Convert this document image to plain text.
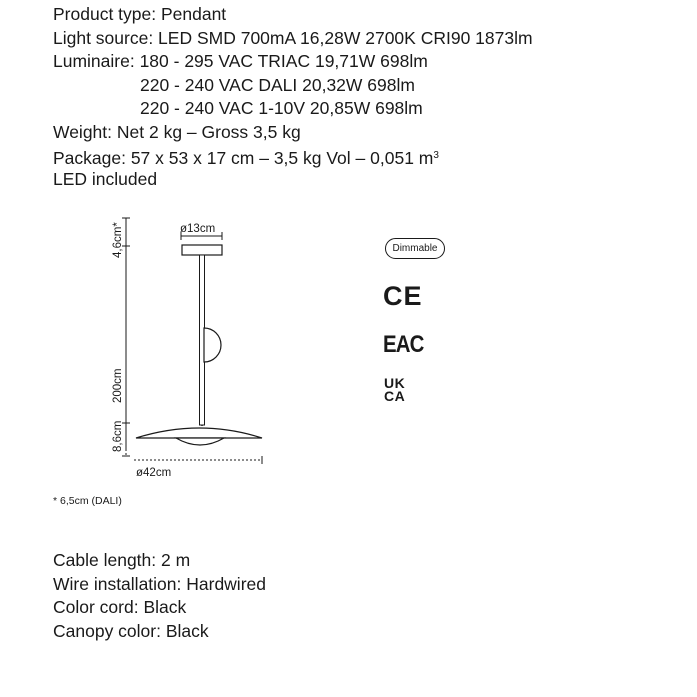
Product type: Pendant
Light source: LED SMD 700mA 16,28W 2700K CRI90 1873lm
Luminaire: 180 - 295 VAC TRIAC 19,71W 698lm
220 - 240 VAC DALI 20,32W 698lm
220 - 240 VAC 1-10V 20,85W 698lm
Weight: Net 2 kg – Gross 3,5 kg
Package: 57 x 53 x 17 cm – 3,5 kg Vol – 0,051 $m^3$
LED included
ø13cm
ø42cm
4,6cm*
200cm
8,6cm
* 6,5cm (DALI)
Dimmable
CE
EAC
UK
CA
Cable length: 2 m
Wire installation: Hardwired
Color cord: Black
Canopy color: Black
